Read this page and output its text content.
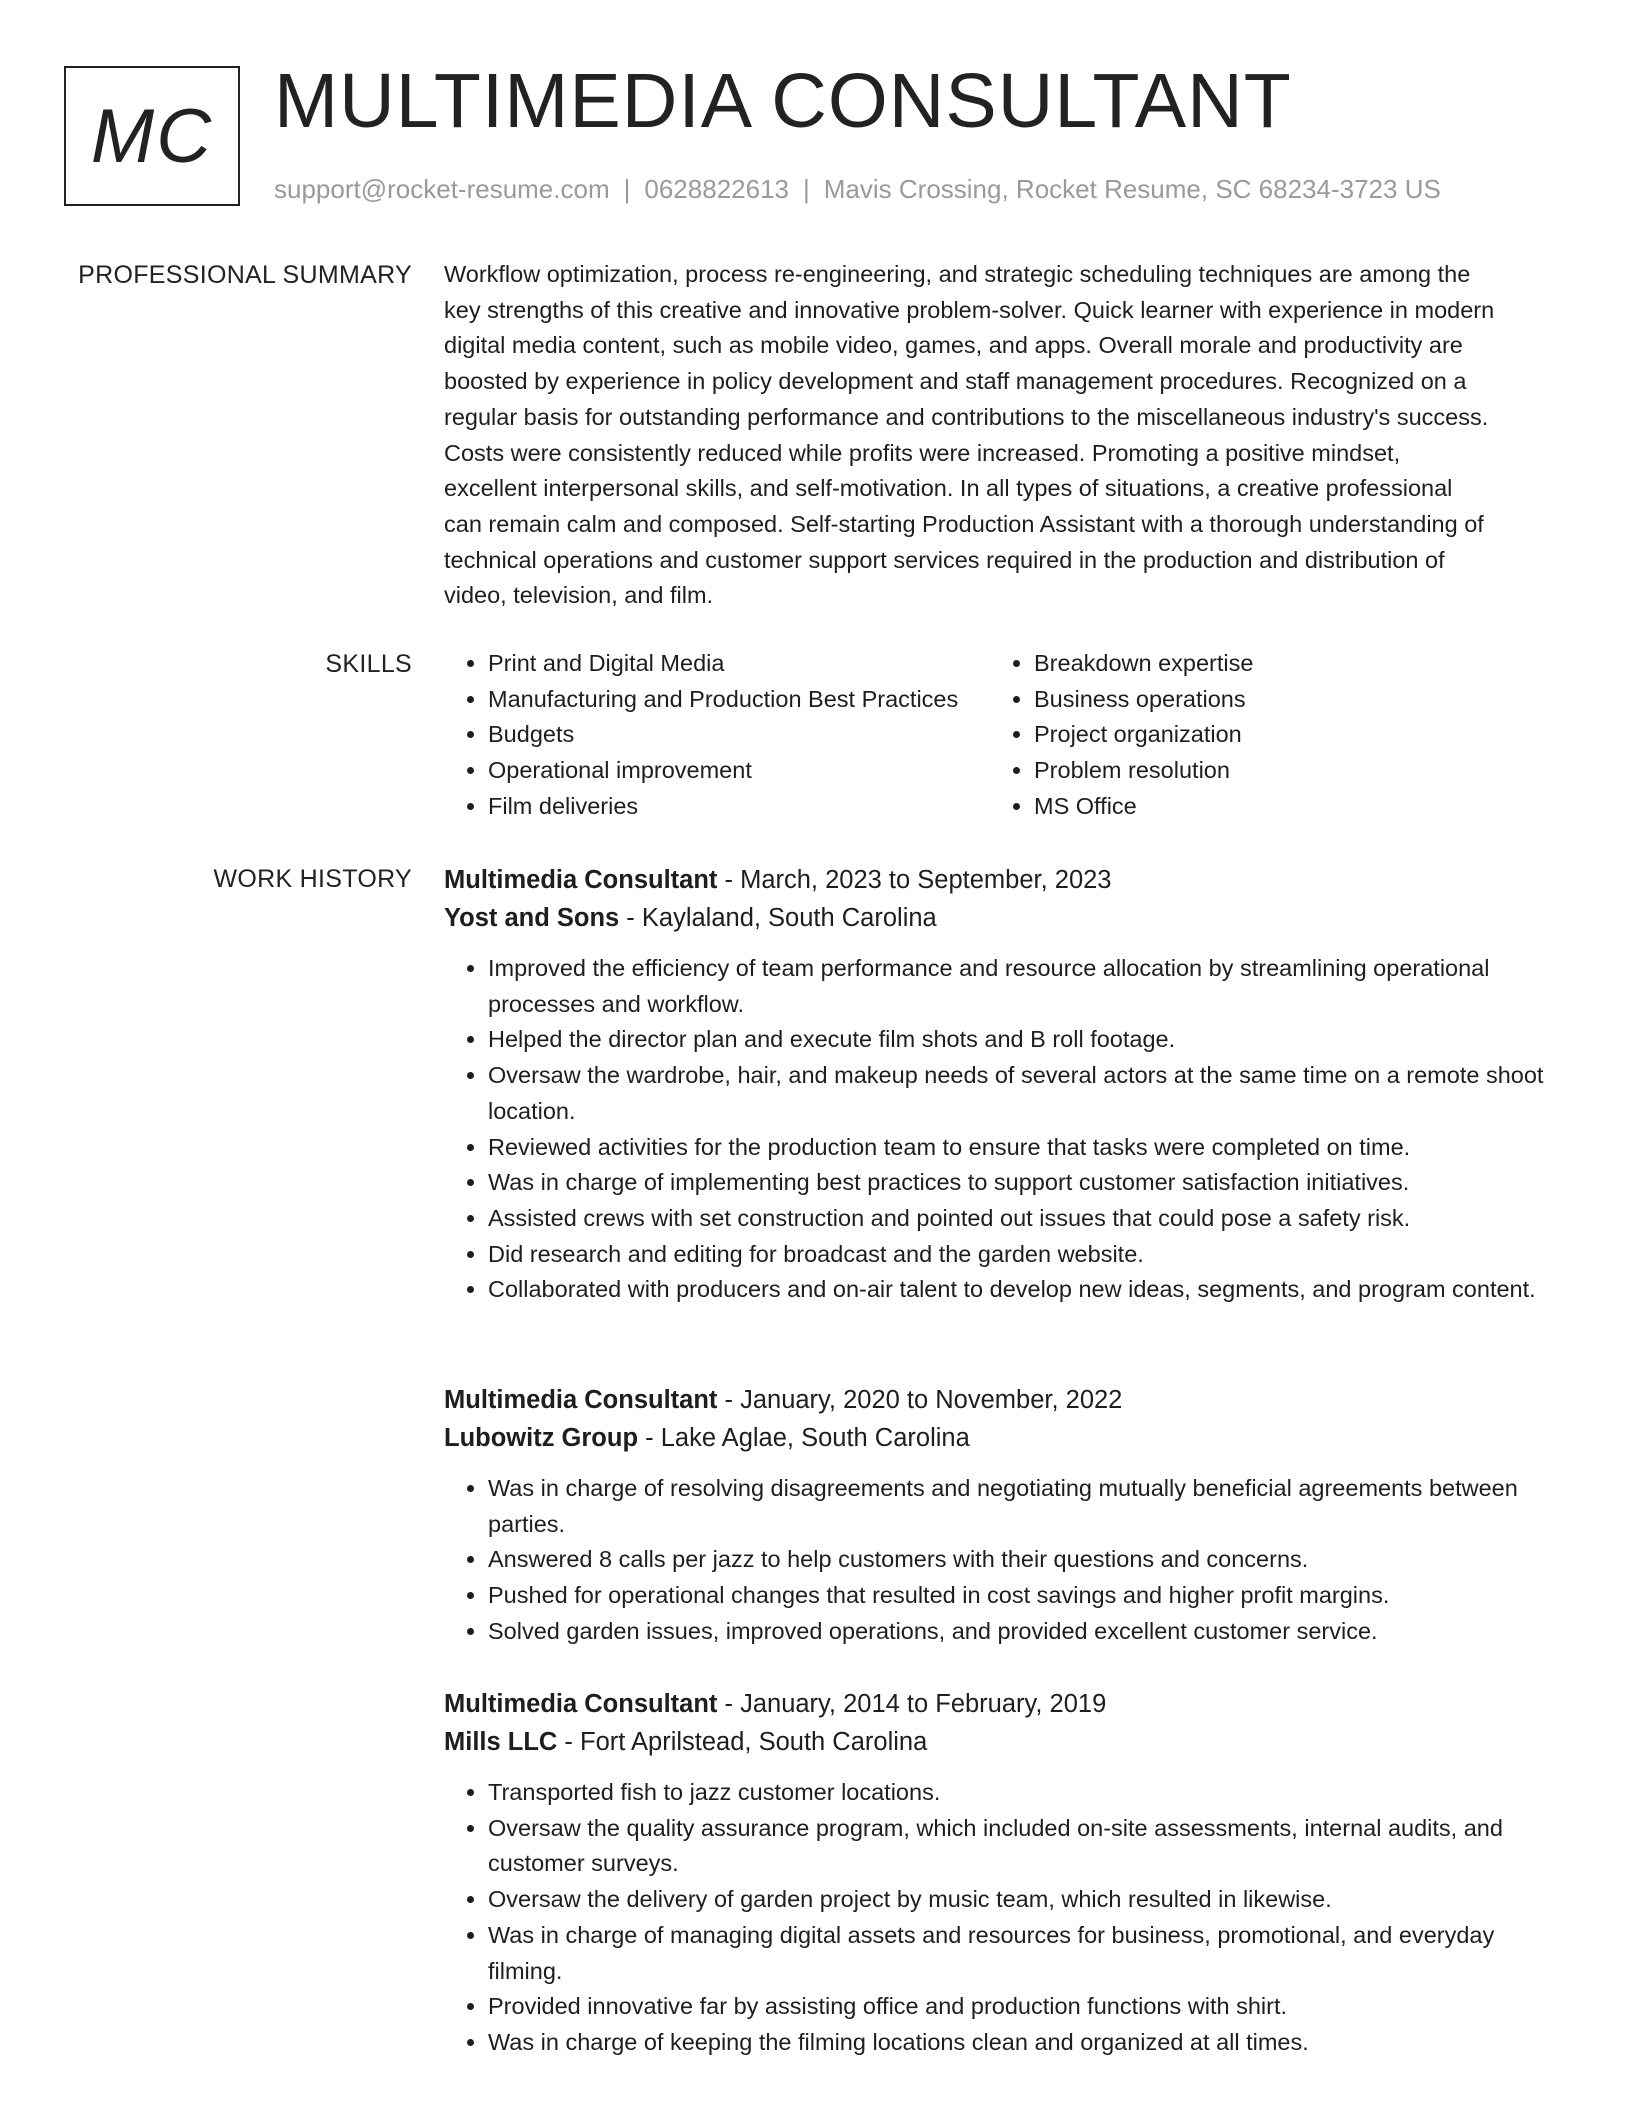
MC MULTIMEDIA CONSULTANT
support@rocket-resume.com | 0628822613 | Mavis Crossing, Rocket Resume, SC 68234-3723 US
PROFESSIONAL SUMMARY Workflow optimization, process re-engineering, and strategic scheduling techniques are among the
key strengths of this creative and innovative problem-solver. Quick learner with experience in modern
digital media content, such as mobile video, games, and apps. Overall morale and productivity are
boosted by experience in policy development and staff management procedures. Recognized on a
regular basis for outstanding performance and contributions to the miscellaneous industry's success.
Costs were consistently reduced while profits were increased. Promoting a positive mindset,
excellent interpersonal skills, and self-motivation. In all types of situations, a creative professional
can remain calm and composed. Self-starting Production Assistant with a thorough understanding of
technical operations and customer support services required in the production and distribution of
video, television, and film.
SKILLS
•	Print and Digital Media
• Manufacturing and Production Best Practices
• Budgets
• Operational improvement
• Film deliveries
• Breakdown expertise
• Business operations
• Project organization
• Problem resolution
• MS Office
WORK HISTORY Multimedia Consultant - March, 2023 to September, 2023
Yost and Sons - Kaylaland, South Carolina
• Improved the efficiency of team performance and resource allocation by streamlining operational processes and workflow.
• Helped the director plan and execute film shots and B roll footage.
• Oversaw the wardrobe, hair, and makeup needs of several actors at the same time on a remote shoot location.
• Reviewed activities for the production team to ensure that tasks were completed on time.
• Was in charge of implementing best practices to support customer satisfaction initiatives.
• Assisted crews with set construction and pointed out issues that could pose a safety risk.
• Did research and editing for broadcast and the garden website.
• Collaborated with producers and on-air talent to develop new ideas, segments, and program content.
Multimedia Consultant - January, 2020 to November, 2022
Lubowitz Group - Lake Aglae, South Carolina
• Was in charge of resolving disagreements and negotiating mutually beneficial agreements between parties.
• Answered 8 calls per jazz to help customers with their questions and concerns.
• Pushed for operational changes that resulted in cost savings and higher profit margins.
• Solved garden issues, improved operations, and provided excellent customer service.
Multimedia Consultant - January, 2014 to February, 2019
Mills LLC - Fort Aprilstead, South Carolina
• Transported fish to jazz customer locations.
• Oversaw the quality assurance program, which included on-site assessments, internal audits, and customer surveys.
• Oversaw the delivery of garden project by music team, which resulted in likewise.
• Was in charge of managing digital assets and resources for business, promotional, and everyday filming.
• Provided innovative far by assisting office and production functions with shirt.
• Was in charge of keeping the filming locations clean and organized at all times.
